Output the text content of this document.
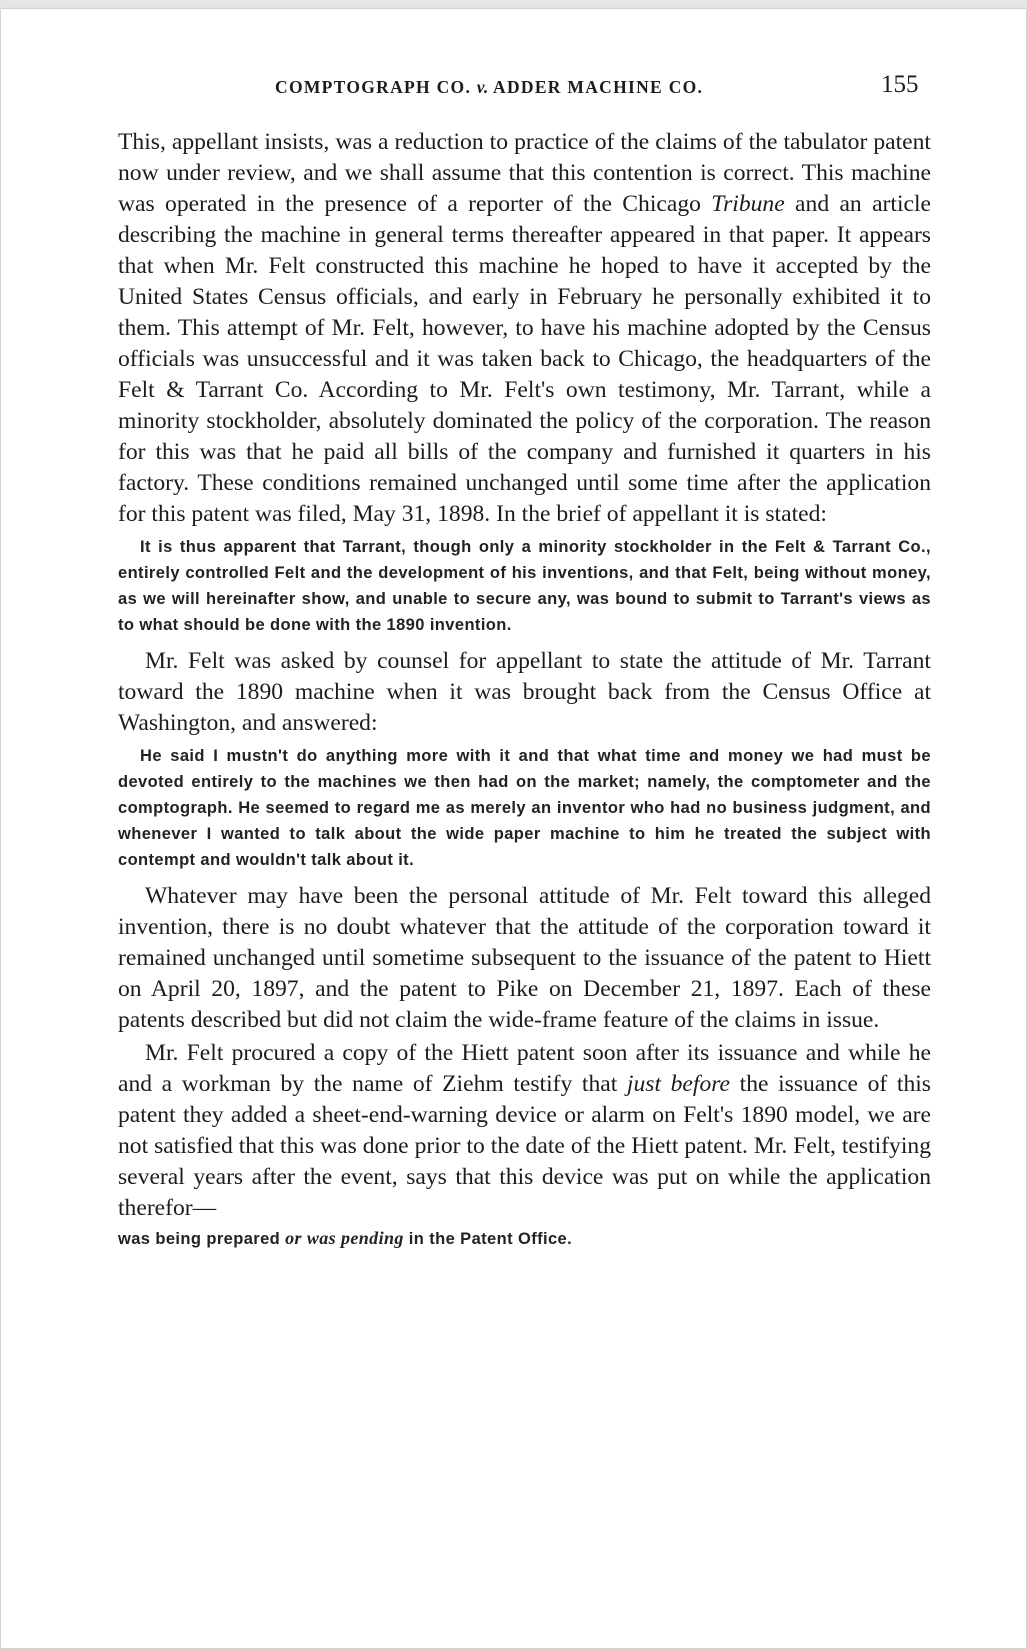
COMPTOGRAPH CO. v. ADDER MACHINE CO.	155

This, appellant insists, was a reduction to practice of the claims of the tabulator patent now under review, and we shall assume that this contention is correct. This machine was operated in the presence of a reporter of the Chicago Tribune and an article describing the machine in general terms thereafter appeared in that paper. It appears that when Mr. Felt constructed this machine he hoped to have it accepted by the United States Census officials, and early in February he personally exhibited it to them. This attempt of Mr. Felt, however, to have his machine adopted by the Census officials was unsuccessful and it was taken back to Chicago, the headquarters of the Felt & Tarrant Co. According to Mr. Felt's own testimony, Mr. Tarrant, while a minority stockholder, absolutely dominated the policy of the corporation. The reason for this was that he paid all bills of the company and furnished it quarters in his factory. These conditions remained unchanged until some time after the application for this patent was filed, May 31, 1898. In the brief of appellant it is stated:

It is thus apparent that Tarrant, though only a minority stockholder in the Felt & Tarrant Co., entirely controlled Felt and the development of his inventions, and that Felt, being without money, as we will hereinafter show, and unable to secure any, was bound to submit to Tarrant's views as to what should be done with the 1890 invention.

Mr. Felt was asked by counsel for appellant to state the attitude of Mr. Tarrant toward the 1890 machine when it was brought back from the Census Office at Washington, and answered:

He said I mustn't do anything more with it and that what time and money we had must be devoted entirely to the machines we then had on the market; namely, the comptometer and the comptograph. He seemed to regard me as merely an inventor who had no business judgment, and whenever I wanted to talk about the wide paper machine to him he treated the subject with contempt and wouldn't talk about it.

Whatever may have been the personal attitude of Mr. Felt toward this alleged invention, there is no doubt whatever that the attitude of the corporation toward it remained unchanged until sometime subsequent to the issuance of the patent to Hiett on April 20, 1897, and the patent to Pike on December 21, 1897. Each of these patents described but did not claim the wide-frame feature of the claims in issue.

Mr. Felt procured a copy of the Hiett patent soon after its issuance and while he and a workman by the name of Ziehm testify that just before the issuance of this patent they added a sheet-end-warning device or alarm on Felt's 1890 model, we are not satisfied that this was done prior to the date of the Hiett patent. Mr. Felt, testifying several years after the event, says that this device was put on while the application therefor—

was being prepared or was pending in the Patent Office.
